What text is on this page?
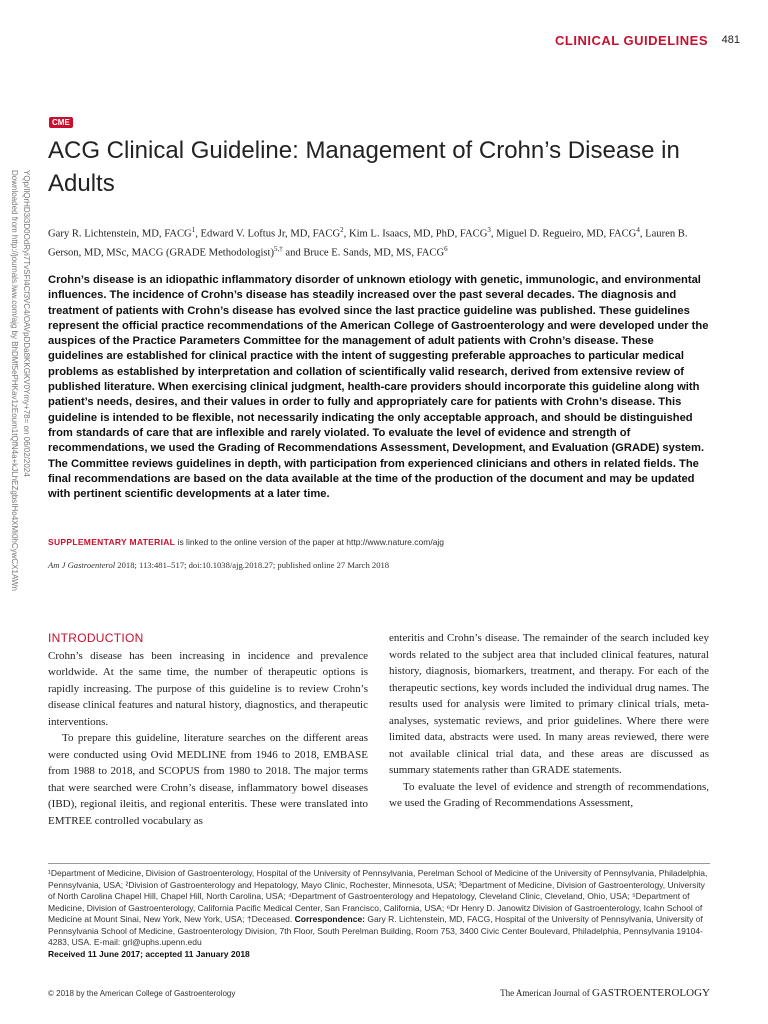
CLINICAL GUIDELINES 481
Downloaded from http://journals.lww.com/ajg by BhDMf5ePHKav1zEoum1tQfN4a+kJLhEZgbsIHo4XMi0hCywCX1AWn YQp/IlQrHD3i3D0OdRyi7TvSFl4Cf3VC4/OAVpDDa8KKGKV0Ymy+78= on 06/02/2024
CME
ACG Clinical Guideline: Management of Crohn’s Disease in Adults
Gary R. Lichtenstein, MD, FACG$^1$, Edward V. Loftus Jr, MD, FACG$^2$, Kim L. Isaacs, MD, PhD, FACG$^3$, Miguel D. Regueiro, MD, FACG$^4$, Lauren B. Gerson, MD, MSc, MACG (GRADE Methodologist)$^{5,\dagger}$ and Bruce E. Sands, MD, MS, FACG$^6$
Crohn’s disease is an idiopathic inflammatory disorder of unknown etiology with genetic, immunologic, and environmental influences. The incidence of Crohn’s disease has steadily increased over the past several decades. The diagnosis and treatment of patients with Crohn’s disease has evolved since the last practice guideline was published. These guidelines represent the official practice recommendations of the American College of Gastroenterology and were developed under the auspices of the Practice Parameters Committee for the management of adult patients with Crohn’s disease. These guidelines are established for clinical practice with the intent of suggesting preferable approaches to particular medical problems as established by interpretation and collation of scientifically valid research, derived from extensive review of published literature. When exercising clinical judgment, health-care providers should incorporate this guideline along with patient’s needs, desires, and their values in order to fully and appropriately care for patients with Crohn’s disease. This guideline is intended to be flexible, not necessarily indicating the only acceptable approach, and should be distinguished from standards of care that are inflexible and rarely violated. To evaluate the level of evidence and strength of recommendations, we used the Grading of Recommendations Assessment, Development, and Evaluation (GRADE) system. The Committee reviews guidelines in depth, with participation from experienced clinicians and others in related fields. The final recommendations are based on the data available at the time of the production of the document and may be updated with pertinent scientific developments at a later time.
SUPPLEMENTARY MATERIAL is linked to the online version of the paper at http://www.nature.com/ajg
Am J Gastroenterol 2018; 113:481–517; doi:10.1038/ajg.2018.27; published online 27 March 2018
INTRODUCTION

Crohn’s disease has been increasing in incidence and prevalence worldwide. At the same time, the number of therapeutic options is rapidly increasing. The purpose of this guideline is to review Crohn’s disease clinical features and natural history, diagnostics, and therapeutic interventions.

To prepare this guideline, literature searches on the different areas were conducted using Ovid MEDLINE from 1946 to 2018, EMBASE from 1988 to 2018, and SCOPUS from 1980 to 2018. The major terms that were searched were Crohn’s disease, inflammatory bowel diseases (IBD), regional ileitis, and regional enteritis. These were translated into EMTREE controlled vocabulary as

enteritis and Crohn’s disease. The remainder of the search included key words related to the subject area that included clinical features, natural history, diagnosis, biomarkers, treatment, and therapy. For each of the therapeutic sections, key words included the individual drug names. The results used for analysis were limited to primary clinical trials, meta-analyses, systematic reviews, and prior guidelines. Where there were limited data, abstracts were used. In many areas reviewed, there were not available clinical trial data, and these areas are discussed as summary statements rather than GRADE statements.

To evaluate the level of evidence and strength of recommendations, we used the Grading of Recommendations Assessment,

¹Department of Medicine, Division of Gastroenterology, Hospital of the University of Pennsylvania, Perelman School of Medicine of the University of Pennsylvania, Philadelphia, Pennsylvania, USA; ²Division of Gastroenterology and Hepatology, Mayo Clinic, Rochester, Minnesota, USA; ³Department of Medicine, Division of Gastroenterology, University of North Carolina Chapel Hill, Chapel Hill, North Carolina, USA; ⁴Department of Gastroenterology and Hepatology, Cleveland Clinic, Cleveland, Ohio, USA; ⁵Department of Medicine, Division of Gastroenterology, California Pacific Medical Center, San Francisco, California, USA; ⁶Dr Henry D. Janowitz Division of Gastroenterology, Icahn School of Medicine at Mount Sinai, New York, New York, USA; †Deceased. Correspondence: Gary R. Lichtenstein, MD, FACG, Hospital of the University of Pennsylvania, University of Pennsylvania School of Medicine, Gastroenterology Division, 7th Floor, South Perelman Building, Room 753, 3400 Civic Center Boulevard, Philadelphia, Pennsylvania 19104-4283, USA. E-mail: grl@uphs.upenn.edu
Received 11 June 2017; accepted 11 January 2018
© 2018 by the American College of Gastroenterology	The American Journal of GASTROENTEROLOGY
